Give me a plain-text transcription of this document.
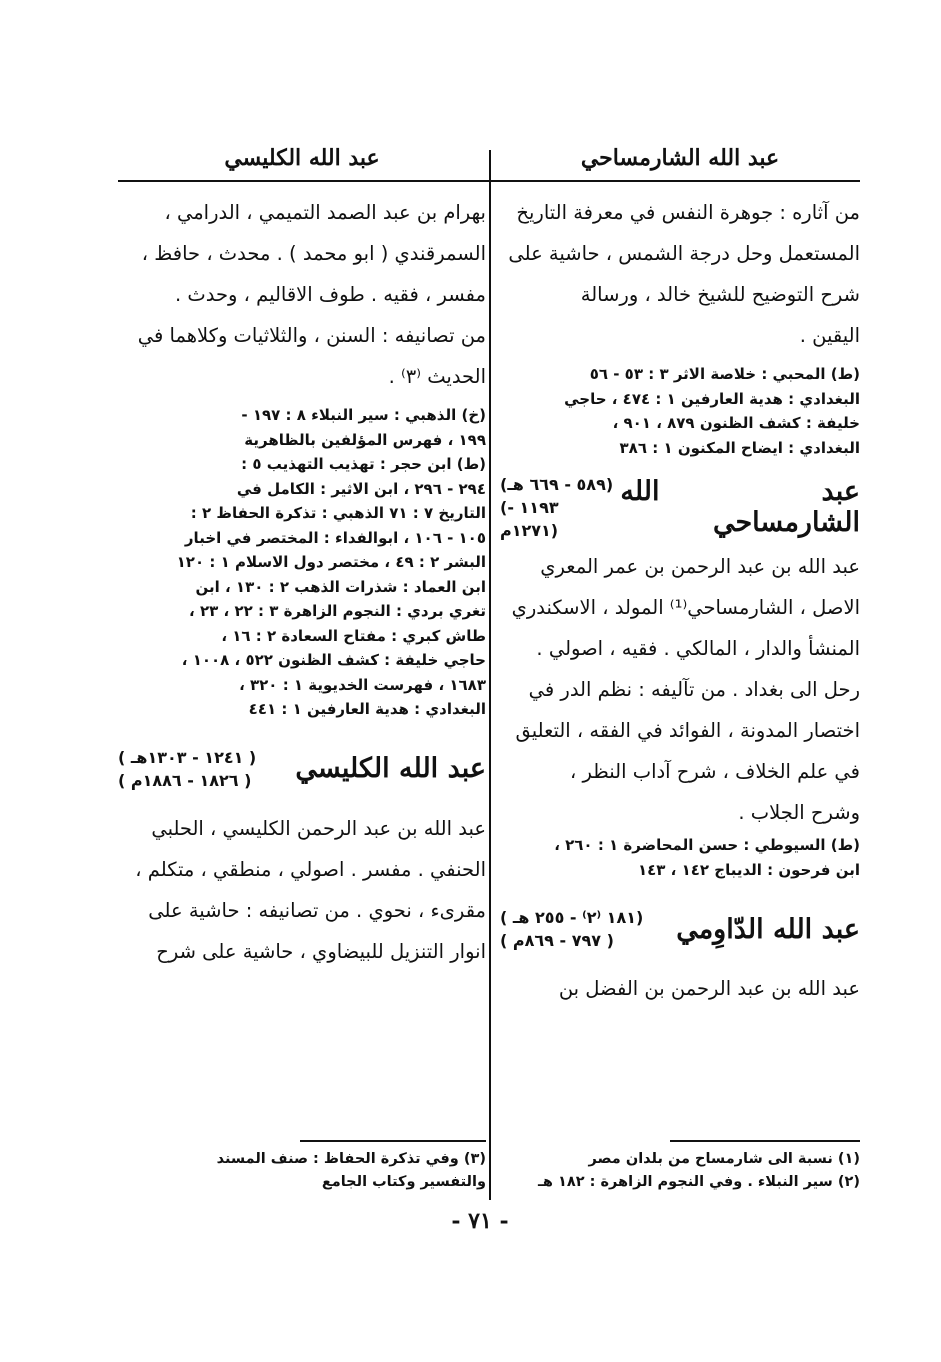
عبد الله الشارمساحي
من آثاره : جوهرة النفس في معرفة التاريخ
المستعمل وحل درجة الشمس ، حاشية على
شرح التوضيح للشيخ خالد ، ورسالة
اليقين .
(ط) المحبي : خلاصة الاثر ٣ : ٥٣ - ٥٦
البغدادي : هدية العارفين ١ : ٤٧٤ ، حاجي
خليفة : كشف الظنون ٨٧٩ ، ٩٠١ ،
البغدادي : ايضاح المكنون ١ : ٣٨٦
عبد الله الشارمساحي
(٥٨٩ - ٦٦٩ هـ)
(١١٩٣ - ١٢٧١م)
عبد الله بن عبد الرحمن بن عمر المعري
الاصل ، الشارمساحي⁽¹⁾ المولد ، الاسكندري
المنشأ والدار ، المالكي . فقيه ، اصولي .
رحل الى بغداد . من تآليفه : نظم الدر في
اختصار المدونة ، الفوائد في الفقه ، التعليق
في علم الخلاف ، شرح آداب النظر ،
وشرح الجلاب .
(ط) السيوطي : حسن المحاضرة ١ : ٢٦٠ ،
ابن فرحون : الديباج ١٤٢ ، ١٤٣
عبد الله الدّاوِمي
( ١٨١ ⁽٢⁾ - ٢٥٥ هـ)
( ٧٩٧ - ٨٦٩م )
عبد الله بن عبد الرحمن بن الفضل بن
عبد الله الكليسي
بهرام بن عبد الصمد التميمي ، الدرامي ،
السمرقندي ( ابو محمد ) . محدث ، حافظ ،
مفسر ، فقيه . طوف الاقاليم ، وحدث .
من تصانيفه : السنن ، والثلاثيات وكلاهما في
الحديث ⁽٣⁾ .
(خ) الذهبي : سير النبلاء ٨ : ١٩٧ -
١٩٩ ، فهرس المؤلفين بالظاهرية
(ط) ابن حجر : تهذيب التهذيب ٥ :
٢٩٤ - ٢٩٦ ، ابن الاثير : الكامل في
التاريخ ٧ : ٧١ الذهبي : تذكرة الحفاظ ٢ :
١٠٥ - ١٠٦ ، ابوالفداء : المختصر في اخبار
البشر ٢ : ٤٩ ، مختصر دول الاسلام ١ : ١٢٠
ابن العماد : شذرات الذهب ٢ : ١٣٠ ، ابن
تغري بردي : النجوم الزاهرة ٣ : ٢٢ ، ٢٣ ،
طاش كبري : مفتاح السعادة ٢ : ١٦ ،
حاجي خليفة : كشف الظنون ٥٢٢ ، ١٠٠٨ ،
١٦٨٣ ، فهرست الخديوية ١ : ٣٢٠ ،
البغدادي : هدية العارفين ١ : ٤٤١
عبد الله الكليسي
( ١٢٤١ - ١٣٠٣هـ )
( ١٨٢٦ - ١٨٨٦م )
عبد الله بن عبد الرحمن الكليسي ، الحلبي
الحنفي . مفسر . اصولي ، منطقي ، متكلم ،
مقرىء ، نحوي . من تصانيفه : حاشية على
انوار التنزيل للبيضاوي ، حاشية على شرح
(١) نسبة الى شارمساح من بلدان مصر
(٢) سير النبلاء . وفي النجوم الزاهرة : ١٨٢ هـ
(٣) وفي تذكرة الحفاظ : صنف المسند
والتفسير وكتاب الجامع
- ٧١ -
